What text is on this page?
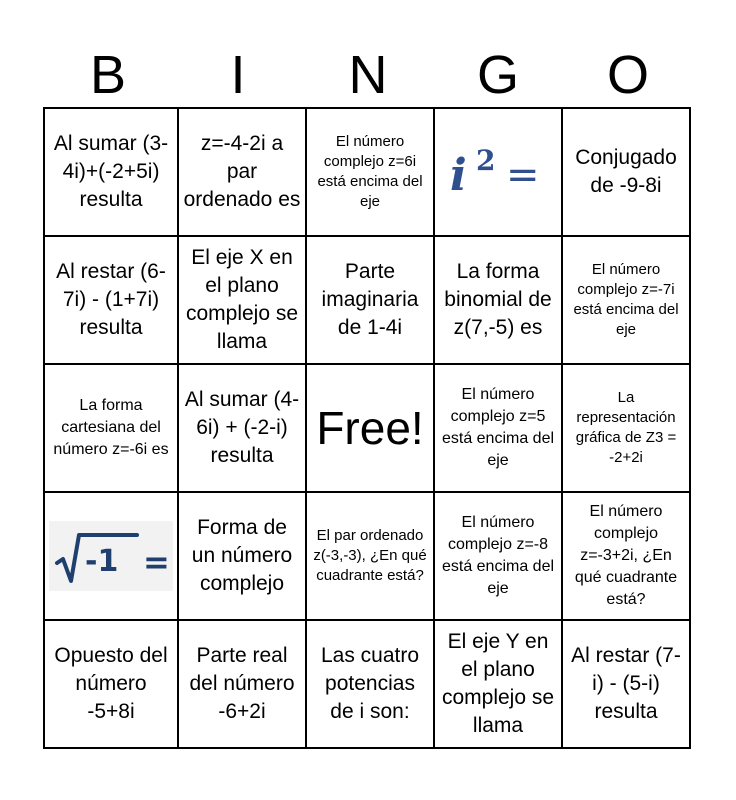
B	I	N	G	O
Al sumar (3-4i)+(-2+5i) resulta	z=-4-2i a par ordenado es	El número complejo z=6i está encima del eje	i 2 =	Conjugado de -9-8i

Al restar (6-7i) - (1+7i) resulta	El eje X en el plano complejo se llama	Parte imaginaria de 1-4i	La forma binomial de z(7,-5) es	El número complejo z=-7i está encima del eje

La forma cartesiana del número z=-6i es	Al sumar (4-6i) + (-2-i) resulta	Free!	El número complejo z=5 está encima del eje	La representación gráfica de Z3 = -2+2i

-1 =	Forma de un número complejo	El par ordenado z(-3,-3), ¿En qué cuadrante está?	El número complejo z=-8 está encima del eje	El número complejo z=-3+2i, ¿En qué cuadrante está?

Opuesto del número -5+8i	Parte real del número -6+2i	Las cuatro potencias de i son:	El eje Y en el plano complejo se llama	Al restar (7-i) - (5-i) resulta
